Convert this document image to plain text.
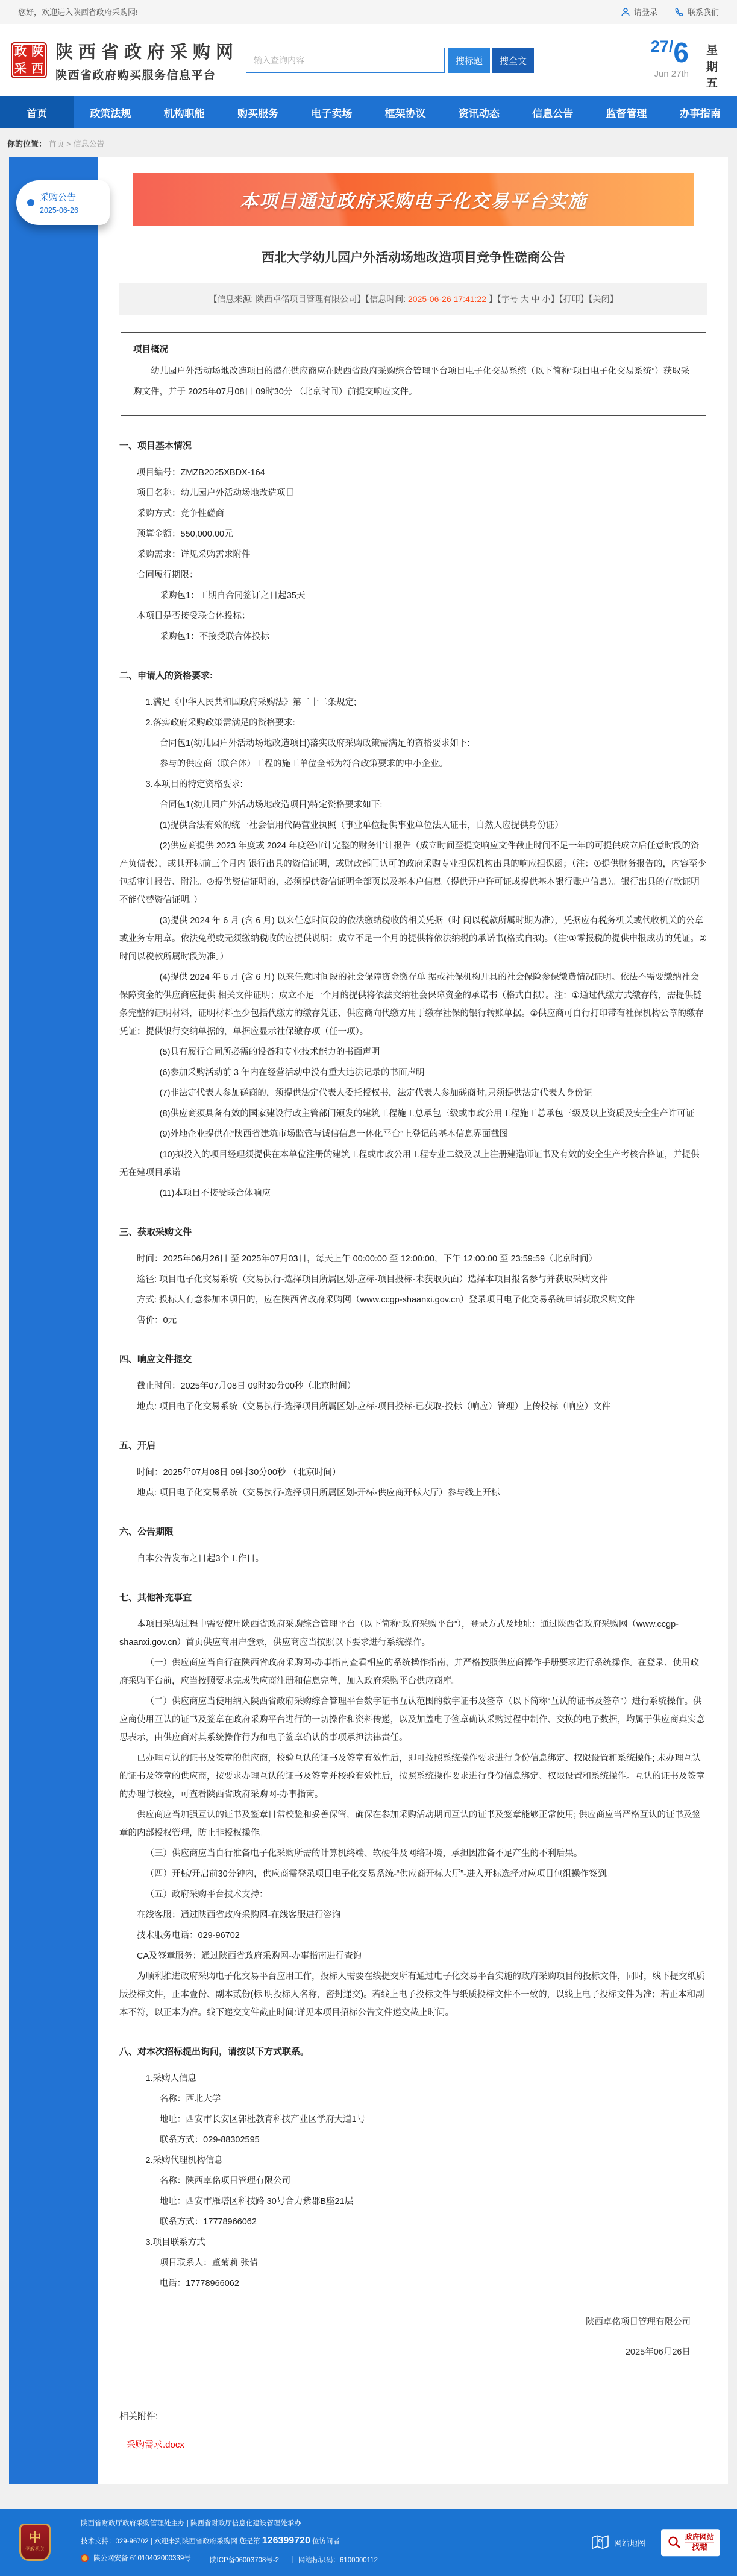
您好，欢迎进入陕西省政府采购网!	请登录	联系我们
政 陕
采 西
陕西省政府采购网
陕西省政府购买服务信息平台
输入查询内容
搜标题	搜全文
27/6
Jun 27th
星期五
首页	政策法规	机构职能	购买服务	电子卖场	框架协议	资讯动态	信息公告	监督管理	办事指南
你的位置： 首页 > 信息公告
采购公告
2025-06-26	本项目通过政府采购电子化交易平台实施
西北大学幼儿园户外活动场地改造项目竞争性磋商公告
【信息来源: 陕西卓佲项目管理有限公司】【信息时间: 2025-06-26 17:41:22 】【字号 大 中 小】【打印】【关闭】
项目概况
幼儿园户外活动场地改造项目的潜在供应商应在陕西省政府采购综合管理平台项目电子化交易系统（以下简称“项目电子化交易系统”）获取采购文件，并于 2025年07月08日 09时30分 （北京时间）前提交响应文件。
一、项目基本情况
项目编号：ZMZB2025XBDX-164
项目名称：幼儿园户外活动场地改造项目
采购方式：竞争性磋商
预算金额：550,000.00元
采购需求：详见采购需求附件
合同履行期限：
采购包1：工期自合同签订之日起35天
本项目是否接受联合体投标：
采购包1：不接受联合体投标
二、申请人的资格要求:
1.满足《中华人民共和国政府采购法》第二十二条规定;
2.落实政府采购政策需满足的资格要求:
合同包1(幼儿园户外活动场地改造项目)落实政府采购政策需满足的资格要求如下:
参与的供应商（联合体）工程的施工单位全部为符合政策要求的中小企业。
3.本项目的特定资格要求:
合同包1(幼儿园户外活动场地改造项目)特定资格要求如下:
(1)提供合法有效的统一社会信用代码营业执照（事业单位提供事业单位法人证书，自然人应提供身份证）
(2)供应商提供 2023 年度或 2024 年度经审计完整的财务审计报告（成立时间至提交响应文件截止时间不足一年的可提供成立后任意时段的资产负债表），或其开标前三个月内 银行出具的资信证明，或财政部门认可的政府采购专业担保机构出具的响应担保函；（注：①提供财务报告的，内容至少包括审计报告、附注。②提供资信证明的，必须提供资信证明全部页以及基本户信息（提供开户许可证或提供基本银行账户信息）。银行出具的存款证明不能代替资信证明。）
(3)提供 2024 年 6 月 (含 6 月) 以来任意时间段的依法缴纳税收的相关凭据（时 间以税款所属时期为准），凭据应有税务机关或代收机关的公章或业务专用章。依法免税或无须缴纳税收的应提供说明；成立不足一个月的提供将依法纳税的承诺书(格式自拟)。（注:①零报税的提供申报成功的凭证。②时间以税款所属时段为准。）
(4)提供 2024 年 6 月 (含 6 月) 以来任意时间段的社会保障资金缴存单 据或社保机构开具的社会保险参保缴费情况证明。依法不需要缴纳社会保障资金的供应商应提供 相关文件证明；成立不足一个月的提供将依法交纳社会保障资金的承诺书（格式自拟）。注：①通过代缴方式缴存的，需提供链条完整的证明材料，证明材料至少包括代缴方的缴存凭证、供应商向代缴方用于缴存社保的银行转账单据。②供应商可自行打印带有社保机构公章的缴存凭证；提供银行交纳单据的，单据应显示社保缴存项（任一项）。
(5)具有履行合同所必需的设备和专业技术能力的书面声明
(6)参加采购活动前 3 年内在经营活动中没有重大违法记录的书面声明
(7)非法定代表人参加磋商的，须提供法定代表人委托授权书，法定代表人参加磋商时,只须提供法定代表人身份证
(8)供应商须具备有效的国家建设行政主管部门颁发的建筑工程施工总承包三级或市政公用工程施工总承包三级及以上资质及安全生产许可证
(9)外地企业提供在“陕西省建筑市场监管与诚信信息一体化平台”上登记的基本信息界面截图
(10)拟投入的项目经理须提供在本单位注册的建筑工程或市政公用工程专业二级及以上注册建造师证书及有效的安全生产考核合格证，并提供无在建项目承诺
(11)本项目不接受联合体响应
三、获取采购文件
时间：2025年06月26日 至 2025年07月03日，每天上午 00:00:00 至 12:00:00，下午 12:00:00 至 23:59:59（北京时间）
途径: 项目电子化交易系统（交易执行-选择项目所属区划-应标-项目投标-未获取页面）选择本项目报名参与并获取采购文件
方式: 投标人有意参加本项目的，应在陕西省政府采购网（www.ccgp-shaanxi.gov.cn）登录项目电子化交易系统申请获取采购文件
售价：0元
四、响应文件提交
截止时间：2025年07月08日 09时30分00秒（北京时间）
地点: 项目电子化交易系统（交易执行-选择项目所属区划-应标-项目投标-已获取-投标（响应）管理）上传投标（响应）文件
五、开启
时间：2025年07月08日 09时30分00秒 （北京时间）
地点: 项目电子化交易系统（交易执行-选择项目所属区划-开标-供应商开标大厅）参与线上开标
六、公告期限
自本公告发布之日起3个工作日。
七、其他补充事宜
本项目采购过程中需要使用陕西省政府采购综合管理平台（以下简称“政府采购平台”），登录方式及地址：通过陕西省政府采购网（www.ccgp-shaanxi.gov.cn）首页供应商用户登录，供应商应当按照以下要求进行系统操作。
（一）供应商应当自行在陕西省政府采购网-办事指南查看相应的系统操作指南，并严格按照供应商操作手册要求进行系统操作。在登录、使用政府采购平台前，应当按照要求完成供应商注册和信息完善，加入政府采购平台供应商库。
（二）供应商应当使用纳入陕西省政府采购综合管理平台数字证书互认范围的数字证书及签章（以下简称“互认的证书及签章”）进行系统操作。供应商使用互认的证书及签章在政府采购平台进行的一切操作和资料传递，以及加盖电子签章确认采购过程中制作、交换的电子数据，均属于供应商真实意思表示，由供应商对其系统操作行为和电子签章确认的事项承担法律责任。
已办理互认的证书及签章的供应商，校验互认的证书及签章有效性后，即可按照系统操作要求进行身份信息绑定、权限设置和系统操作; 未办理互认的证书及签章的供应商，按要求办理互认的证书及签章并校验有效性后，按照系统操作要求进行身份信息绑定、权限设置和系统操作。互认的证书及签章的办理与校验，可查看陕西省政府采购网-办事指南。
供应商应当加强互认的证书及签章日常校验和妥善保管，确保在参加采购活动期间互认的证书及签章能够正常使用; 供应商应当严格互认的证书及签章的内部授权管理，防止非授权操作。
（三）供应商应当自行准备电子化采购所需的计算机终端、软硬件及网络环境，承担因准备不足产生的不利后果。
（四）开标/开启前30分钟内，供应商需登录项目电子化交易系统-“供应商开标大厅”-进入开标选择对应项目包组操作签到。
（五）政府采购平台技术支持：
在线客服：通过陕西省政府采购网-在线客服进行咨询
技术服务电话：029-96702
CA及签章服务：通过陕西省政府采购网-办事指南进行查询
为顺利推进政府采购电子化交易平台应用工作，投标人需要在线提交所有通过电子化交易平台实施的政府采购项目的投标文件，同时，线下提交纸质版投标文件，正本壹份、副本贰份(标 明投标人名称，密封递交)。若线上电子投标文件与纸质投标文件不一致的，以线上电子投标文件为准；若正本和副本不符，以正本为准。线下递交文件截止时间:详见本项目招标公告文件递交截止时间。
八、对本次招标提出询问，请按以下方式联系。
1.采购人信息
名称：西北大学
地址：西安市长安区郭杜教育科技产业区学府大道1号
联系方式：029-88302595
2.采购代理机构信息
名称：陕西卓佲项目管理有限公司
地址：西安市雁塔区科技路 30号合力紫郡B座21层
联系方式：17778966062
3.项目联系方式
项目联系人：董菊莉 张倩
电话：17778966062
陕西卓佲项目管理有限公司
2025年06月26日
相关附件:
采购需求.docx
中
党政机关
陕西省财政厅政府采购管理处主办 | 陕西省财政厅信息化建设管理处承办
技术支持：029-96702 | 欢迎来到陕西省政府采购网 您是第 126399720 位访问者
陕公网安备 61010402000339号	陕ICP备06003708号-2 ｜ 网站标识码：6100000112
网站地图
政府网站
找错
